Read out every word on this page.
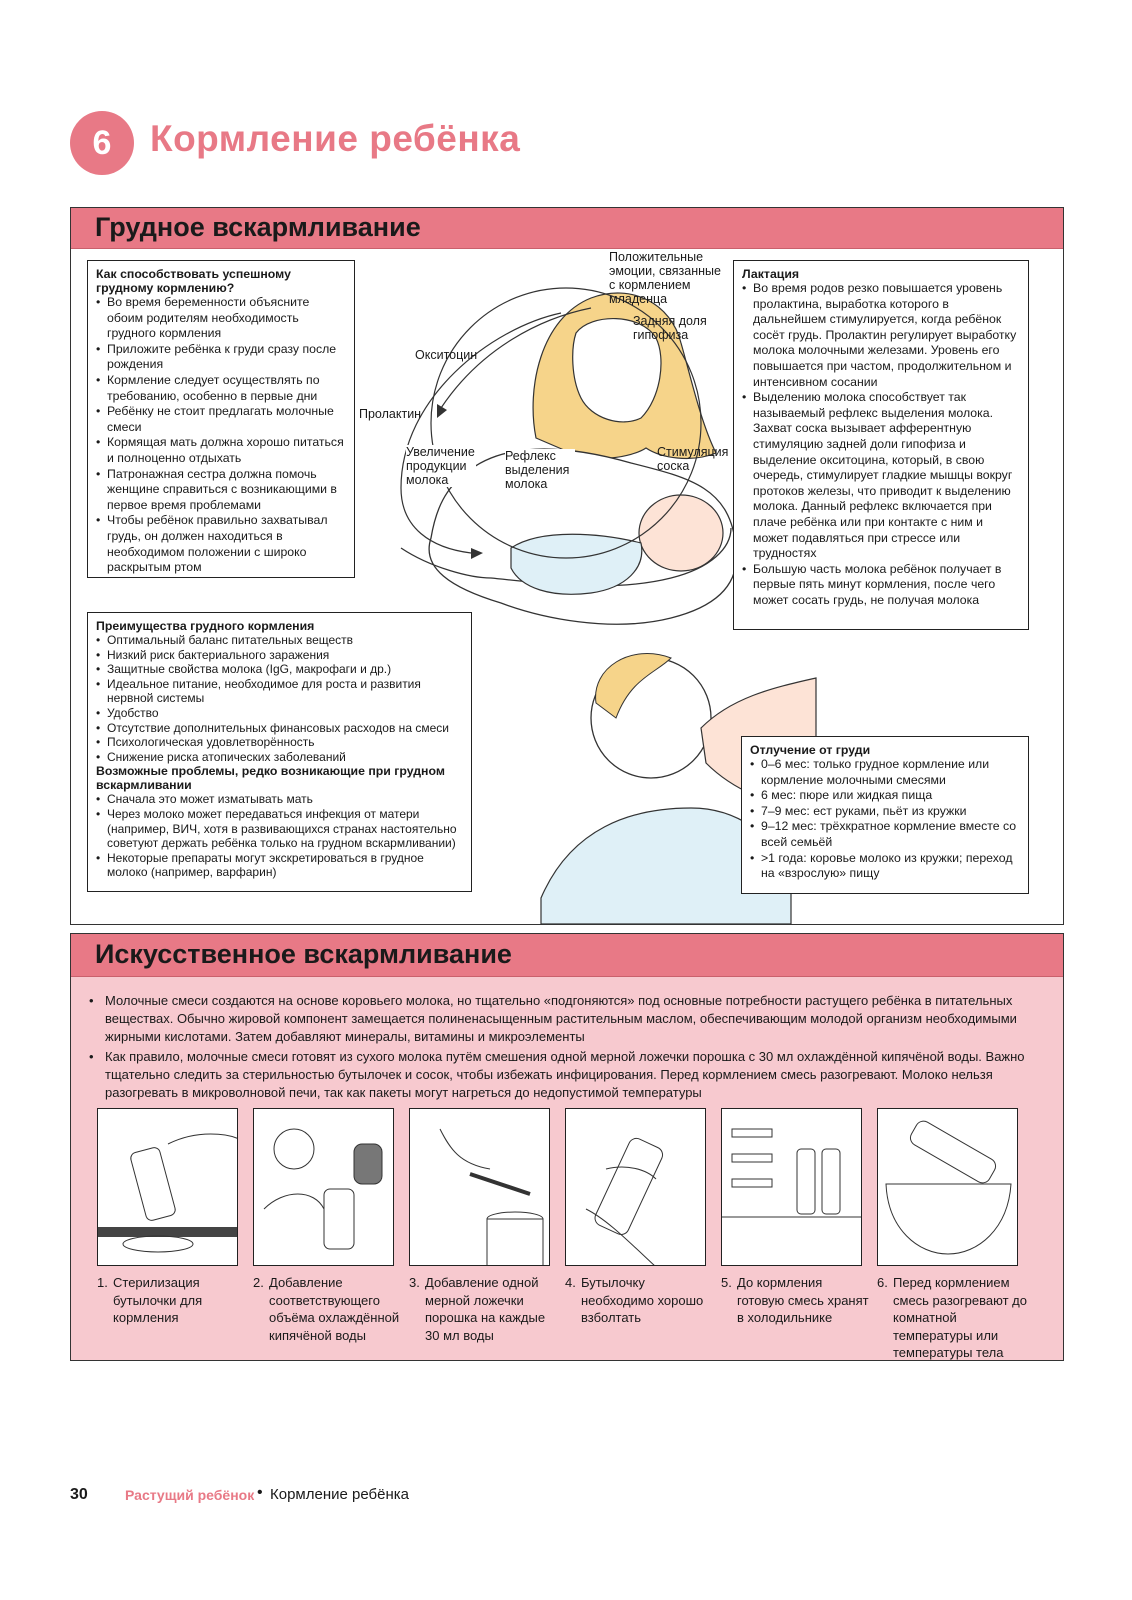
6	Кормление ребёнка
Грудное вскармливание
Положительные эмоции, связанные с кормлением младенца
Задняя доля гипофиза
Окситоцин
Пролактин
Увеличение продукции молока
Рефлекс выделения молока
Стимуляция соска
Как способствовать успешному
грудному кормлению?
• Во время беременности объясните обоим родителям необходимость грудного кормления
• Приложите ребёнка к груди сразу после рождения
• Кормление следует осуществлять по требованию, особенно в первые дни
• Ребёнку не стоит предлагать молочные смеси
• Кормящая мать должна хорошо питаться и полноценно отдыхать
• Патронажная сестра должна помочь женщине справиться с возникающими в первое время проблемами
• Чтобы ребёнок правильно захватывал грудь, он должен находиться в необходимом положении с широко раскрытым ртом
Лактация
• Во время родов резко повышается уровень пролактина, выработка которого в дальнейшем стимулируется, когда ребёнок сосёт грудь. Пролактин регулирует выработку молока молочными железами. Уровень его повышается при частом, продолжительном и интенсивном сосании
• Выделению молока способствует так называемый рефлекс выделения молока. Захват соска вызывает афферентную стимуляцию задней доли гипофиза и выделение окситоцина, который, в свою очередь, стимулирует гладкие мышцы вокруг протоков железы, что приводит к выделению молока. Данный рефлекс включается при плаче ребёнка или при контакте с ним и может подавляться при стрессе или трудностях
• Большую часть молока ребёнок получает в первые пять минут кормления, после чего может сосать грудь, не получая молока
Преимущества грудного кормления
• Оптимальный баланс питательных веществ
• Низкий риск бактериального заражения
• Защитные свойства молока (IgG, макрофаги и др.)
• Идеальное питание, необходимое для роста и развития нервной системы
• Удобство
• Отсутствие дополнительных финансовых расходов на смеси
• Психологическая удовлетворённость
• Снижение риска атопических заболеваний
Возможные проблемы, редко возникающие при грудном вскармливании
• Сначала это может изматывать мать
• Через молоко может передаваться инфекция от матери (например, ВИЧ, хотя в развивающихся странах настоятельно советуют держать ребёнка только на грудном вскармливании)
• Некоторые препараты могут экскретироваться в грудное молоко (например, варфарин)
Отлучение от груди
• 0–6 мес: только грудное кормление или кормление молочными смесями
• 6 мес: пюре или жидкая пища
• 7–9 мес: ест руками, пьёт из кружки
• 9–12 мес: трёхкратное кормление вместе со всей семьёй
• >1 года: коровье молоко из кружки; переход на «взрослую» пищу
Искусственное вскармливание
• Молочные смеси создаются на основе коровьего молока, но тщательно «подгоняются» под основные потребности растущего ребёнка в питательных веществах. Обычно жировой компонент замещается полиненасыщенным растительным маслом, обеспечивающим молодой организм необходимыми жирными кислотами. Затем добавляют минералы, витамины и микроэлементы
• Как правило, молочные смеси готовят из сухого молока путём смешения одной мерной ложечки порошка с 30 мл охлаждённой кипячёной воды. Важно тщательно следить за стерильностью бутылочек и сосок, чтобы избежать инфицирования. Перед кормлением смесь разогревают. Молоко нельзя разогревать в микроволновой печи, так как пакеты могут нагреться до недопустимой температуры
1. Стерилизация бутылочки для кормления
2. Добавление соответствующего объёма охлаждённой кипячёной воды
3. Добавление одной мерной ложечки порошка на каждые 30 мл воды
4. Бутылочку необходимо хорошо взболтать
5. До кормления готовую смесь хранят в холодильнике
6. Перед кормлением смесь разогревают до комнатной температуры или температуры тела
30	Растущий ребёнок • Кормление ребёнка
